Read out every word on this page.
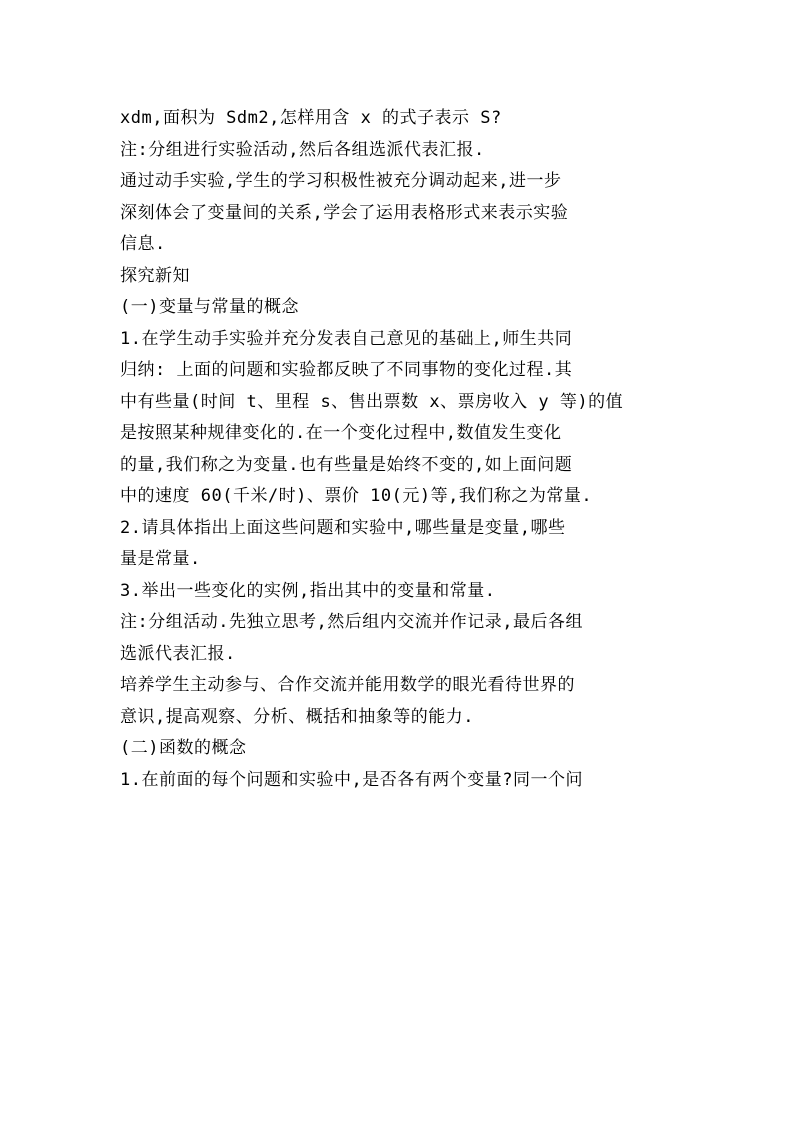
xdm,面积为 Sdm2,怎样用含 x 的式子表示 S?
注:分组进行实验活动,然后各组选派代表汇报.
通过动手实验,学生的学习积极性被充分调动起来,进一步
深刻体会了变量间的关系,学会了运用表格形式来表示实验
信息.
探究新知
(一)变量与常量的概念
1.在学生动手实验并充分发表自己意见的基础上,师生共同
归纳: 上面的问题和实验都反映了不同事物的变化过程.其
中有些量(时间 t、里程 s、售出票数 x、票房收入 y 等)的值
是按照某种规律变化的.在一个变化过程中,数值发生变化
的量,我们称之为变量.也有些量是始终不变的,如上面问题
中的速度 60(千米/时)、票价 10(元)等,我们称之为常量.
2.请具体指出上面这些问题和实验中,哪些量是变量,哪些
量是常量.
3.举出一些变化的实例,指出其中的变量和常量.
注:分组活动.先独立思考,然后组内交流并作记录,最后各组
选派代表汇报.
培养学生主动参与、合作交流并能用数学的眼光看待世界的
意识,提高观察、分析、概括和抽象等的能力.
(二)函数的概念
1.在前面的每个问题和实验中,是否各有两个变量?同一个问
